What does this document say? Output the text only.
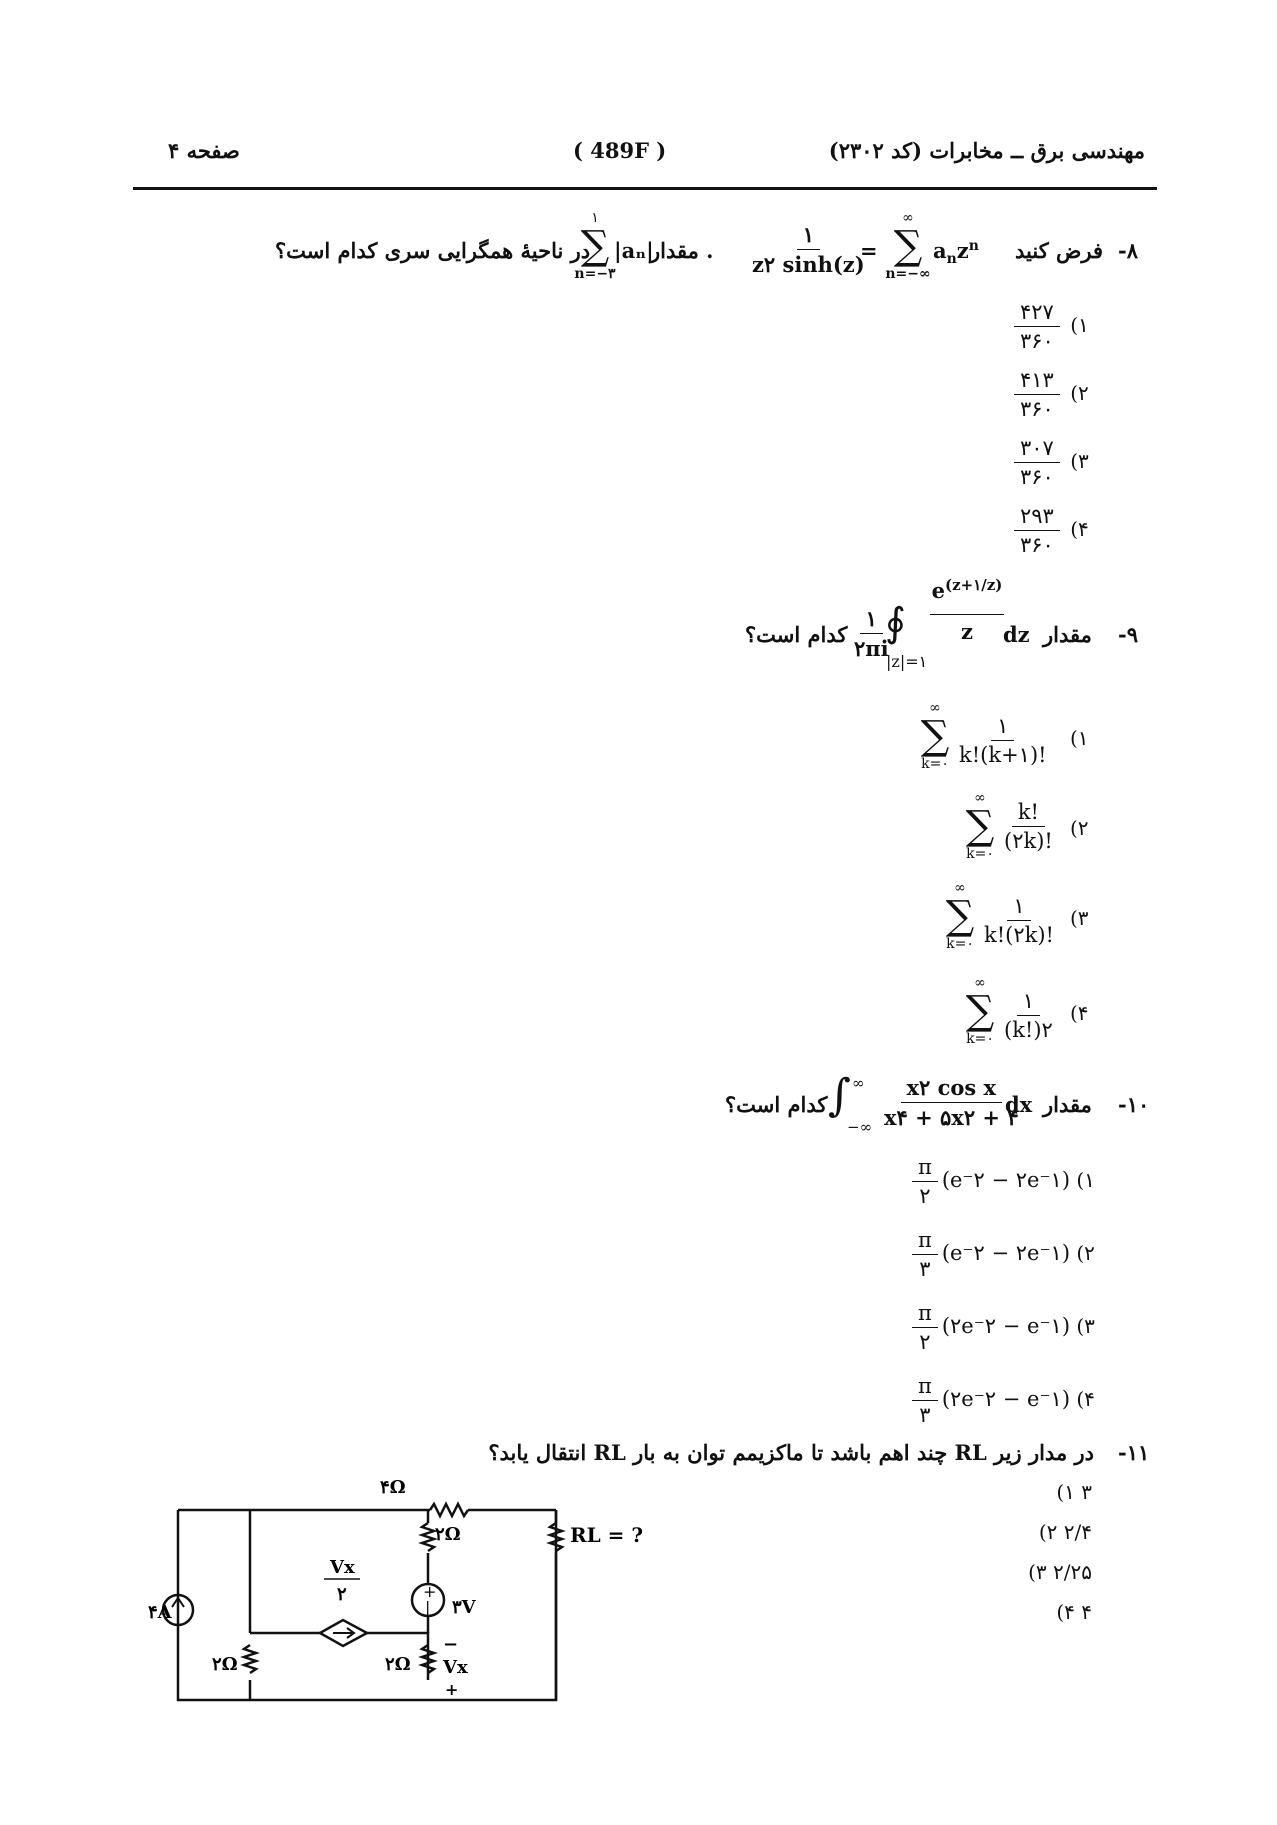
مهندسی برق ــ مخابرات (کد ۲۳۰۲)
( 489F )
صفحه ۴
-۸
فرض کنید
$a_nz^n$
∞
∑
n=−∞
=
۱
z۲ sinh(z)
. مقدار
|aₙ|
۱
∑
n=−۳
در ناحیهٔ همگرایی سری کدام است؟
۴۲۷
۳۶۰
(۱
۴۱۳
۳۶۰
(۲
۳۰۷
۳۶۰
(۳
۲۹۳
۳۶۰
(۴
-۹
مقدار
dz
$e^{(z+۱/z)}$
z
∮
|z|=۱
۱
۲πi
کدام است؟
∞
∑
k=۰
۱
k!(k+۱)!
(۱
∞
∑
k=۰
$\frac{k!}{(۲k)!}$ (۲
∞
∑
k=۰
۱
k!(۲k)!
(۳
∞
∑
k=۰
۱
(k!)۲
(۴
-۱۰
مقدار
dx
$\frac{\text{x۲ cos x}}{x۴ + ۵x۲ + ۴}$
∫ ∞
−∞
کدام است؟
π
۲
(e⁻۲ − ۲e⁻۱) (۱
π
۳
(e⁻۲ − ۲e⁻۱) (۲
π
۲
(۲e⁻۲ − e⁻۱) (۳
π
۳
(۲e⁻۲ − e⁻۱) (۴
-۱۱
در مدار زیر RL چند اهم باشد تا ماکزیمم توان به بار RL انتقال یابد؟
(۱ ۳
(۲ ۲/۴
(۳ ۲/۲۵
(۴ ۴
+
|
۴A
۴Ω
۲Ω
۳V
Vx
۲
۲Ω	۲Ω
−
Vx
+
RL = ?
